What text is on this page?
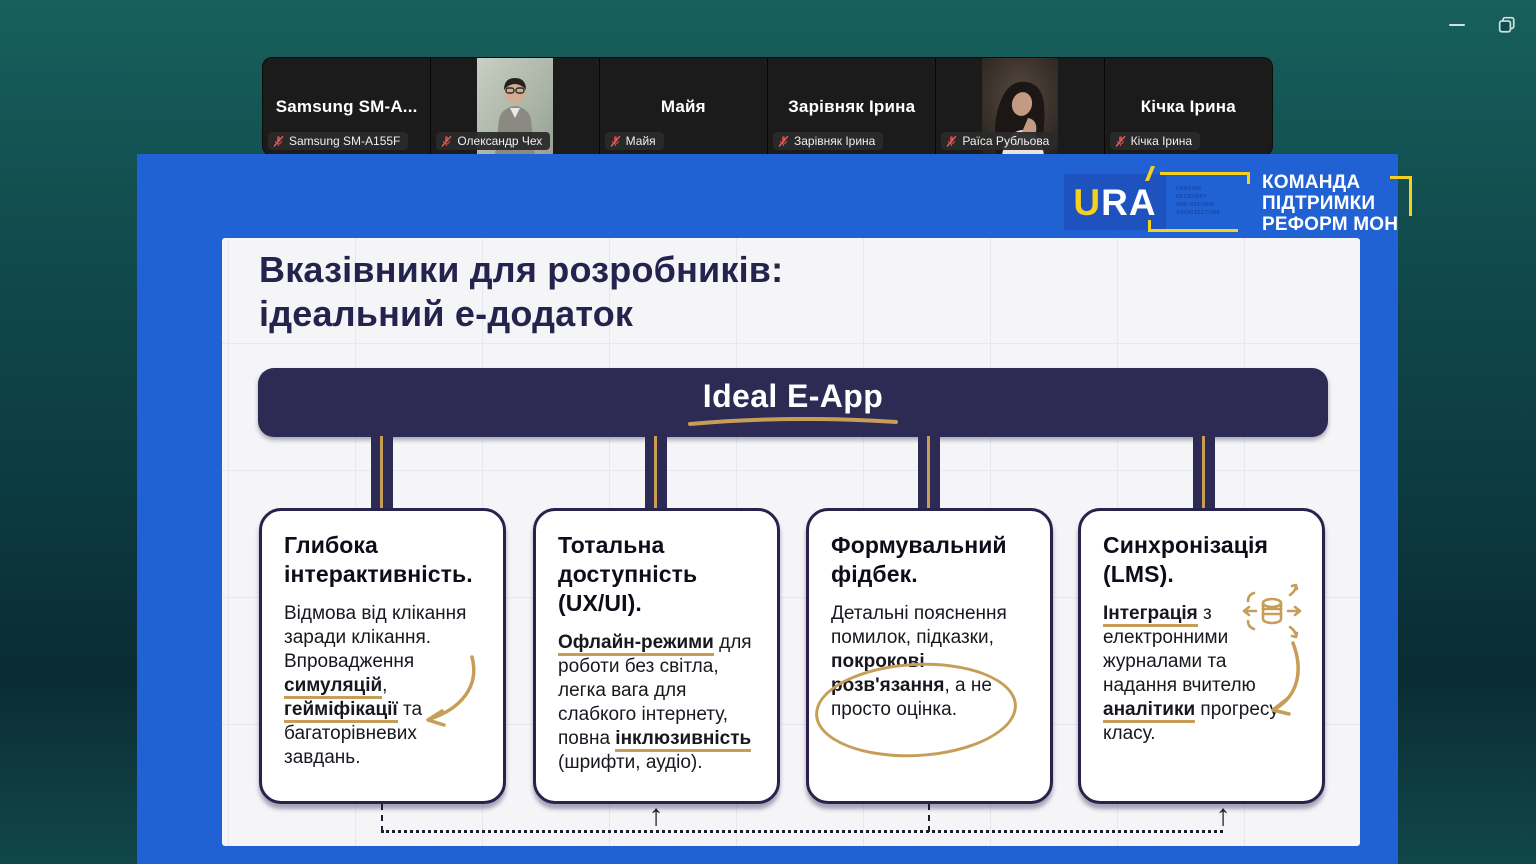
Samsung SM-A...
Samsung SM-A155F	Олександр Чех
Майя
Майя
Зарівняк Ірина
Зарівняк Ірина	Раїса Рубльова
Кічка Ірина
Кічка Ірина
URA	UKRAINE
RECOVERY
AND REFORM
ARCHITECTURE
КОМАНДА
ПІДТРИМКИ
РЕФОРМ МОН
Вказівники для розробників:
ідеальний е-додаток
Ideal E-App
Глибока інтерактивність.
Відмова від клікання заради клікання. Впровадження симуляцій, гейміфікації та багаторівневих завдань.
Тотальна доступність (UX/UI).
Офлайн-режими для роботи без світла, легка вага для слабкого інтернету, повна інклюзивність (шрифти, аудіо).
Формувальний фідбек.
Детальні пояснення помилок, підказки, покрокові розв'язання, а не просто оцінка.
Синхронізація (LMS).
Інтеграція з електронними журналами та надання вчителю аналітики прогресу класу.
↑	↑
